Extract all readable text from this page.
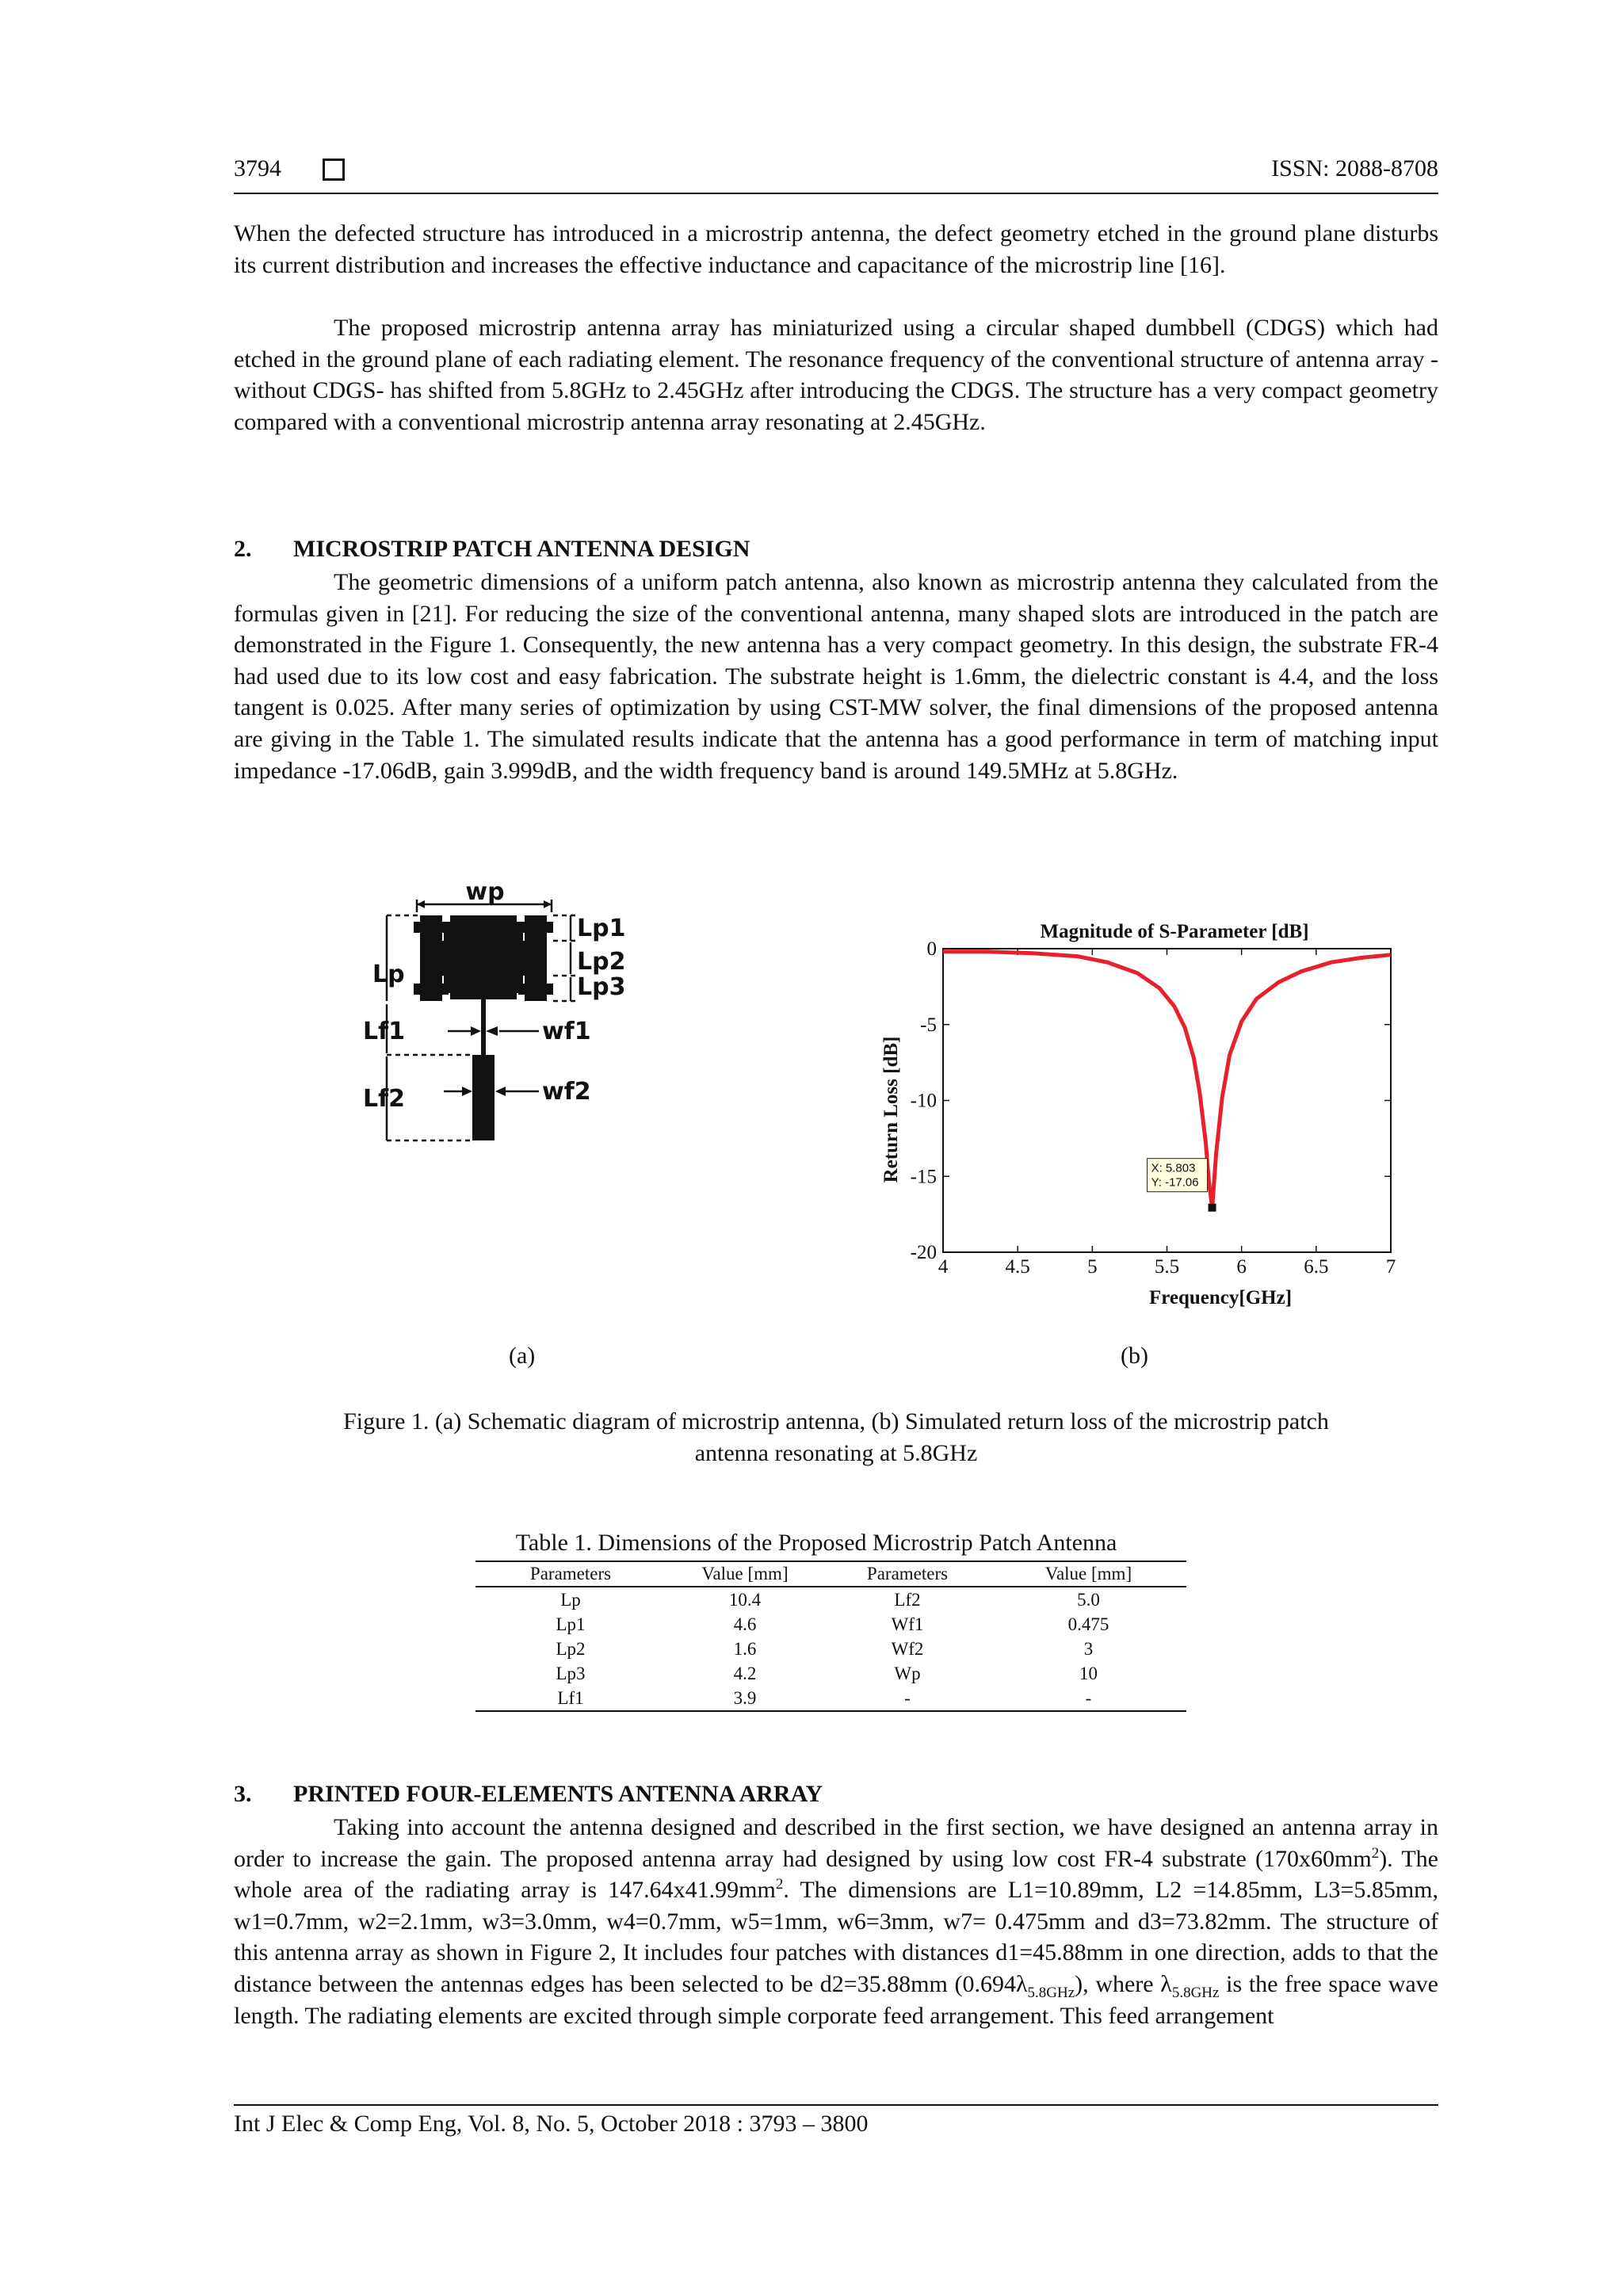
3794	ISSN: 2088-8708
When the defected structure has introduced in a microstrip antenna, the defect geometry etched in the ground plane disturbs its current distribution and increases the effective inductance and capacitance of the microstrip line [16].
The proposed microstrip antenna array has miniaturized using a circular shaped dumbbell (CDGS) which had etched in the ground plane of each radiating element. The resonance frequency of the conventional structure of antenna array -without CDGS- has shifted from 5.8GHz to 2.45GHz after introducing the CDGS. The structure has a very compact geometry compared with a conventional microstrip antenna array resonating at 2.45GHz.
2. MICROSTRIP PATCH ANTENNA DESIGN
The geometric dimensions of a uniform patch antenna, also known as microstrip antenna they calculated from the formulas given in [21]. For reducing the size of the conventional antenna, many shaped slots are introduced in the patch are demonstrated in the Figure 1. Consequently, the new antenna has a very compact geometry. In this design, the substrate FR-4 had used due to its low cost and easy fabrication. The substrate height is 1.6mm, the dielectric constant is 4.4, and the loss tangent is 0.025. After many series of optimization by using CST-MW solver, the final dimensions of the proposed antenna are giving in the Table 1. The simulated results indicate that the antenna has a good performance in term of matching input impedance -17.06dB, gain 3.999dB, and the width frequency band is around 149.5MHz at 5.8GHz.
wp
Lp
Lp1
Lp2
Lp3
Lf1
Lf2
wf1
wf2
Magnitude of S-Parameter [dB]
Return Loss [dB]
Frequency[GHz]
4	4.5	5	5.5	6	6.5	7
0
-5
-10
-15
-20
X: 5.803
Y: -17.06
(a)	(b)
Figure 1. (a) Schematic diagram of microstrip antenna, (b) Simulated return loss of the microstrip patch
antenna resonating at 5.8GHz
Table 1. Dimensions of the Proposed Microstrip Patch Antenna
Parameters	Value [mm]	Parameters	Value [mm]
Lp	10.4	Lf2	5.0
Lp1	4.6	Wf1	0.475
Lp2	1.6	Wf2	3
Lp3	4.2	Wp	10
Lf1	3.9	-	-
3. PRINTED FOUR-ELEMENTS ANTENNA ARRAY
Taking into account the antenna designed and described in the first section, we have designed an antenna array in order to increase the gain. The proposed antenna array had designed by using low cost FR-4 substrate $(170x60mm^2)$. The whole area of the radiating array is $147.64x41.99mm^2$. The dimensions are L1=10.89mm, L2 =14.85mm, L3=5.85mm, w1=0.7mm, w2=2.1mm, w3=3.0mm, w4=0.7mm, w5=1mm, w6=3mm, w7= 0.475mm and d3=73.82mm. The structure of this antenna array as shown in Figure 2, It includes four patches with distances d1=45.88mm in one direction, adds to that the distance between the antennas edges has been selected to be d2=35.88mm $(0.694\lambda_{5.8GHz})$, where $\lambda_{5.8GHz}$ is the free space wave length. The radiating elements are excited through simple corporate feed arrangement. This feed arrangement
Int J Elec & Comp Eng, Vol. 8, No. 5, October 2018 : 3793 – 3800
